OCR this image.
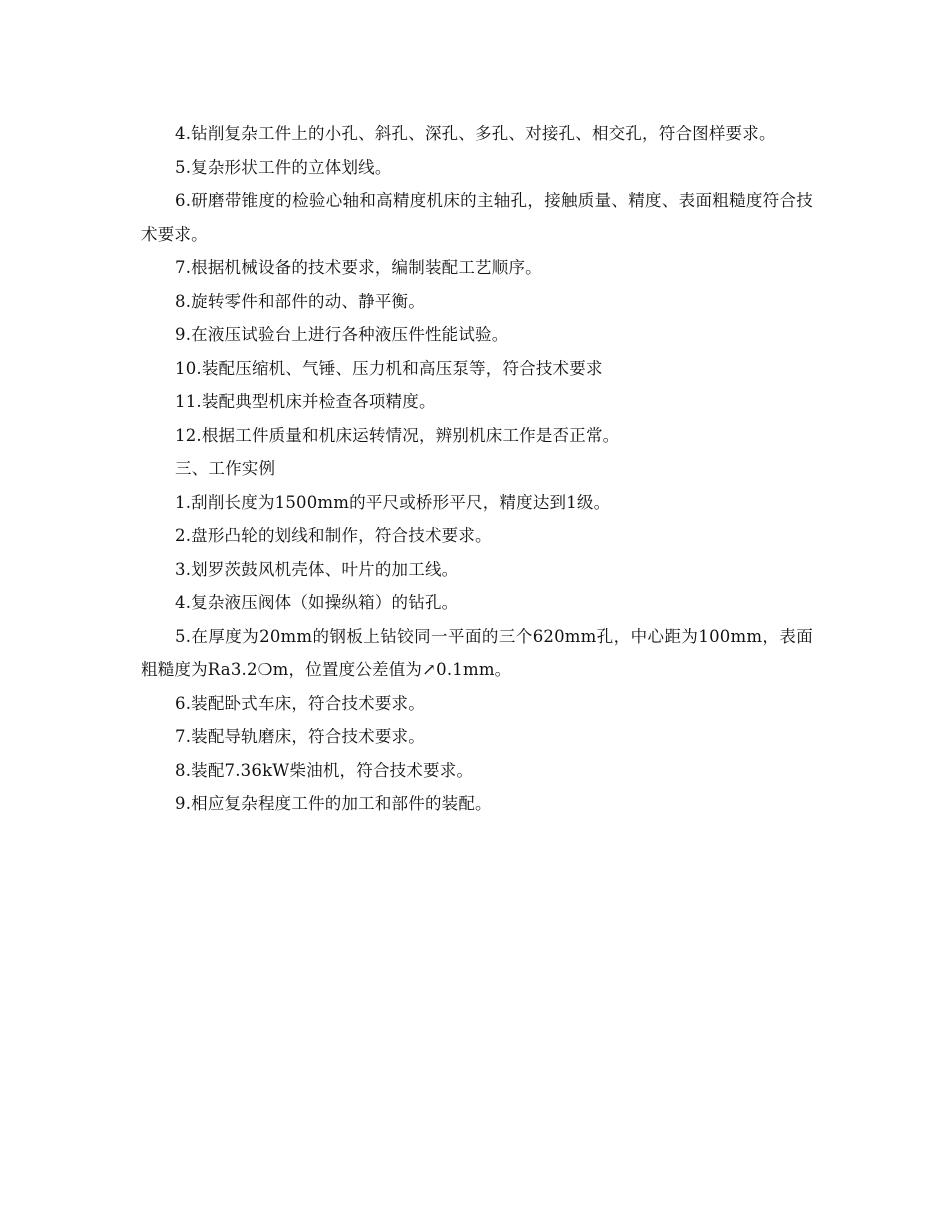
4.钻削复杂工件上的小孔、斜孔、深孔、多孔、对接孔、相交孔，符合图样要求。

5.复杂形状工件的立体划线。

6.研磨带锥度的检验心轴和高精度机床的主轴孔，接触质量、精度、表面粗糙度符合技术要求。

7.根据机械设备的技术要求，编制装配工艺顺序。

8.旋转零件和部件的动、静平衡。

9.在液压试验台上进行各种液压件性能试验。

10.装配压缩机、气锤、压力机和高压泵等，符合技术要求

11.装配典型机床并检查各项精度。

12.根据工件质量和机床运转情况，辨别机床工作是否正常。

三、工作实例

1.刮削长度为1500mm的平尺或桥形平尺，精度达到1级。

2.盘形凸轮的划线和制作，符合技术要求。

3.划罗茨鼓风机壳体、叶片的加工线。

4.复杂液压阀体（如操纵箱）的钻孔。

5.在厚度为20mm的钢板上钻铰同一平面的三个620mm孔，中心距为100mm，表面粗糙度为Ra3.2❍m，位置度公差值为↗0.1mm。

6.装配卧式车床，符合技术要求。

7.装配导轨磨床，符合技术要求。

8.装配7.36kW柴油机，符合技术要求。

9.相应复杂程度工件的加工和部件的装配。
